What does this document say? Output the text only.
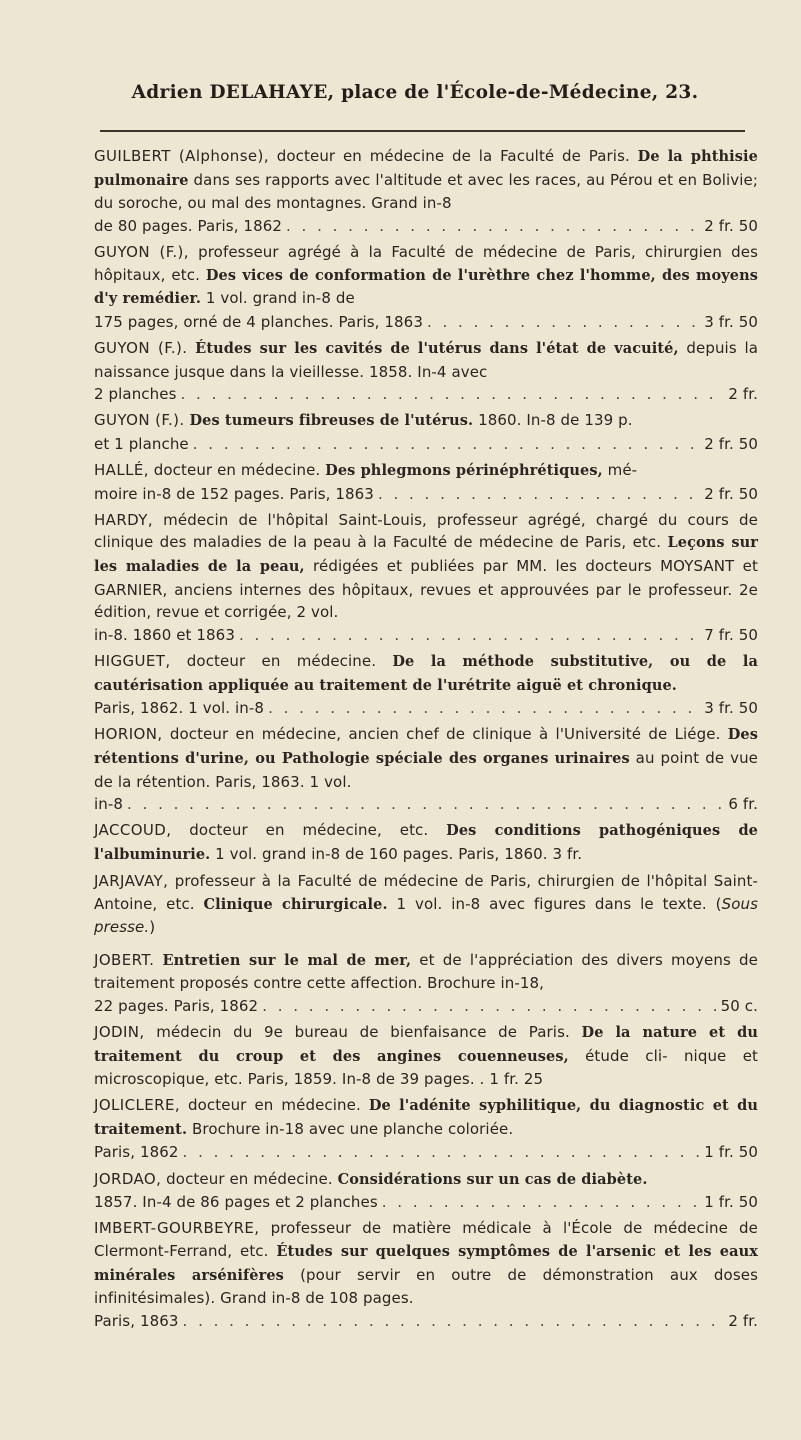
Adrien DELAHAYE, place de l'École-de-Médecine, 23.
GUILBERT (Alphonse), docteur en médecine de la Faculté de Paris. De la phthisie pulmonaire dans ses rapports avec l'altitude et avec les races, au Pérou et en Bolivie; du soroche, ou mal des montagnes. Grand in-8
de 80 pages. Paris, 1862 . . .	2 fr. 50
GUYON (F.), professeur agrégé à la Faculté de médecine de Paris, chirurgien des hôpitaux, etc. Des vices de conformation de l'urèthre chez l'homme, des moyens d'y remédier. 1 vol. grand in-8 de
175 pages, orné de 4 planches. Paris, 1863 . . .	3 fr. 50
GUYON (F.). Études sur les cavités de l'utérus dans l'état de vacuité, depuis la naissance jusque dans la vieillesse. 1858. In-4 avec
2 planches . . .	2 fr.
GUYON (F.). Des tumeurs fibreuses de l'utérus. 1860. In-8 de 139 p.
et 1 planche . . .	2 fr. 50
HALLÉ, docteur en médecine. Des phlegmons périnéphrétiques, mé-
moire in-8 de 152 pages. Paris, 1863 . . .	2 fr. 50
HARDY, médecin de l'hôpital Saint-Louis, professeur agrégé, chargé du cours de clinique des maladies de la peau à la Faculté de médecine de Paris, etc. Leçons sur les maladies de la peau, rédigées et publiées par MM. les docteurs MOYSANT et GARNIER, anciens internes des hôpitaux, revues et approuvées par le professeur. 2e édition, revue et corrigée, 2 vol.
in-8. 1860 et 1863 . . .	7 fr. 50
HIGGUET, docteur en médecine. De la méthode substitutive, ou de la cautérisation appliquée au traitement de l'urétrite aiguë et chronique.
Paris, 1862. 1 vol. in-8 . . .	3 fr. 50
HORION, docteur en médecine, ancien chef de clinique à l'Université de Liége. Des rétentions d'urine, ou Pathologie spéciale des organes urinaires au point de vue de la rétention. Paris, 1863. 1 vol.
in-8 . . .	6 fr.
JACCOUD, docteur en médecine, etc. Des conditions pathogéniques de l'albuminurie. 1 vol. grand in-8 de 160 pages. Paris, 1860. 3 fr.
JARJAVAY, professeur à la Faculté de médecine de Paris, chirurgien de l'hôpital Saint-Antoine, etc. Clinique chirurgicale. 1 vol. in-8 avec figures dans le texte. (Sous presse.)
JOBERT. Entretien sur le mal de mer, et de l'appréciation des divers moyens de traitement proposés contre cette affection. Brochure in-18,
22 pages. Paris, 1862 . . .	50 c.
JODIN, médecin du 9e bureau de bienfaisance de Paris. De la nature et du traitement du croup et des angines couenneuses, étude cli- nique et microscopique, etc. Paris, 1859. In-8 de 39 pages. . 1 fr. 25
JOLICLERE, docteur en médecine. De l'adénite syphilitique, du diagnostic et du traitement. Brochure in-18 avec une planche coloriée.
Paris, 1862 . . .	1 fr. 50
JORDAO, docteur en médecine. Considérations sur un cas de diabète.
1857. In-4 de 86 pages et 2 planches . . .	1 fr. 50
IMBERT-GOURBEYRE, professeur de matière médicale à l'École de médecine de Clermont-Ferrand, etc. Études sur quelques symptômes de l'arsenic et les eaux minérales arsénifères (pour servir en outre de démonstration aux doses infinitésimales). Grand in-8 de 108 pages.
Paris, 1863 . . .	2 fr.
